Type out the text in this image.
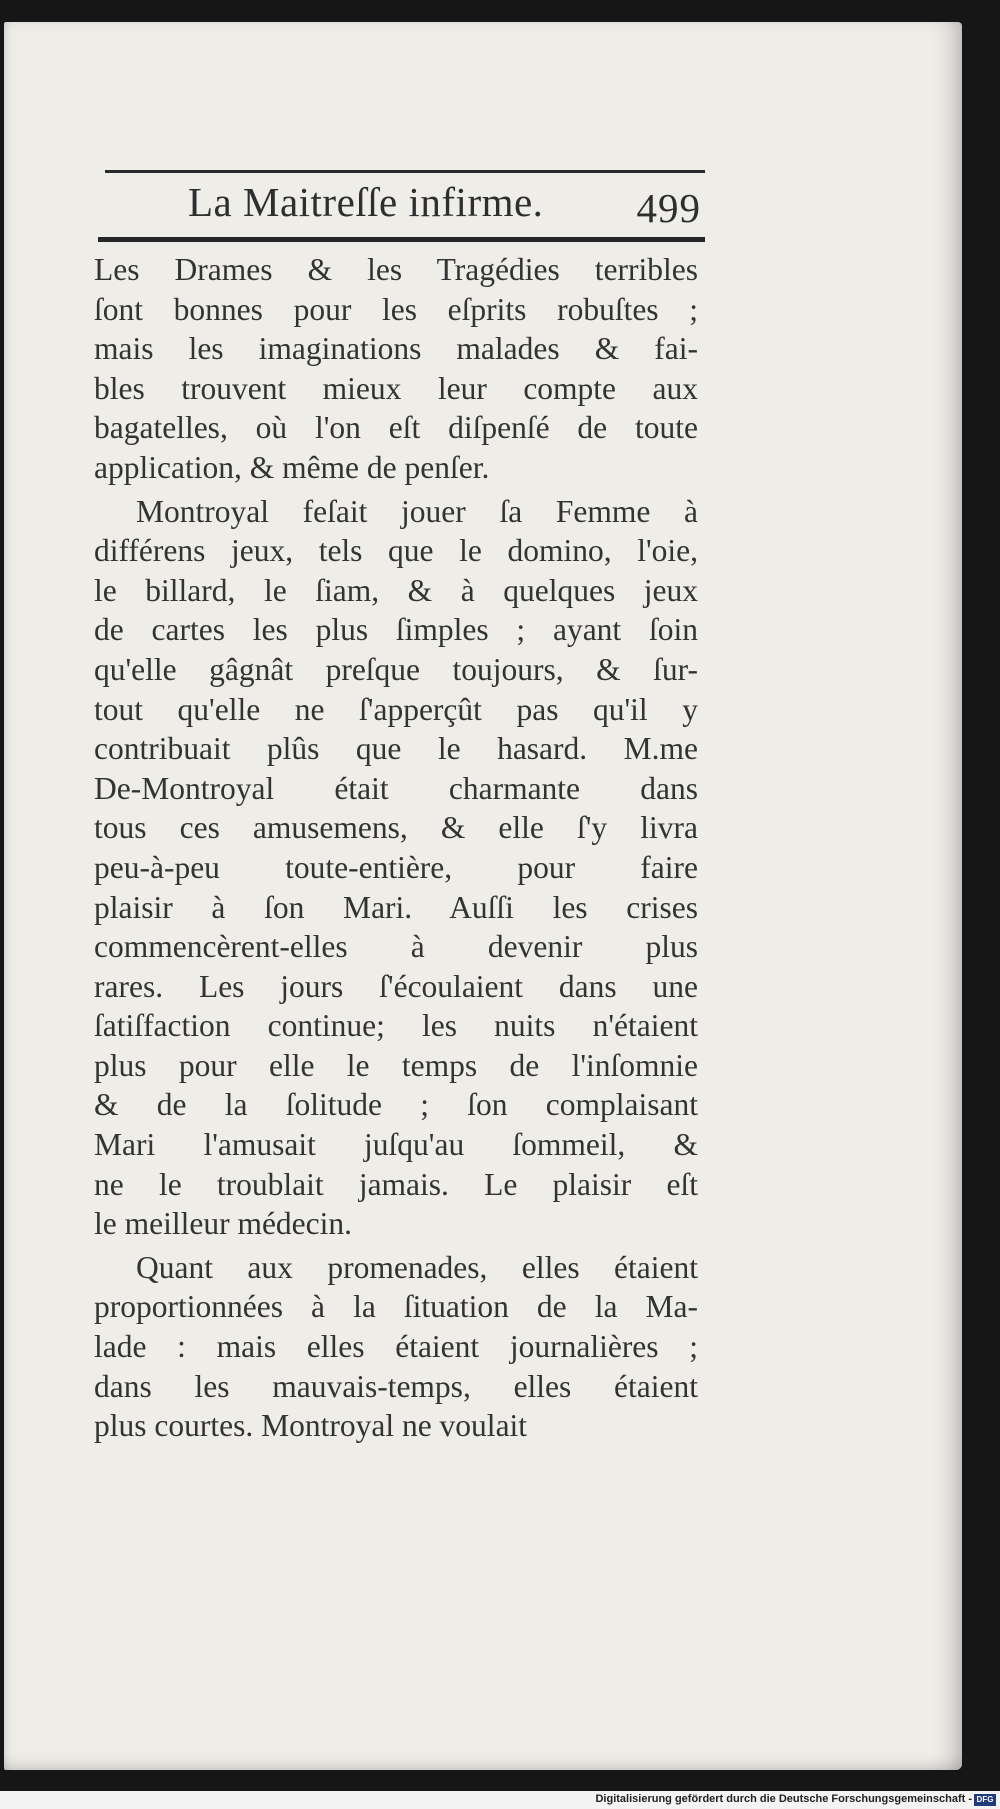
La Maitreſſe infirme. 499
Les Drames & les Tragédies terribles
ſont bonnes pour les eſprits robuſtes ;
mais les imaginations malades & fai-
bles trouvent mieux leur compte aux
bagatelles, où l'on eſt diſpenſé de toute
application, & même de penſer.
Montroyal feſait jouer ſa Femme à
différens jeux, tels que le domino, l'oie,
le billard, le ſiam, & à quelques jeux
de cartes les plus ſimples ; ayant ſoin
qu'elle gâgnât preſque toujours, & ſur-
tout qu'elle ne ſ'apperçût pas qu'il y
contribuait plûs que le hasard. M.me
De-Montroyal était charmante dans
tous ces amusemens, & elle ſ'y livra
peu-à-peu toute-entière, pour faire
plaisir à ſon Mari. Auſſi les crises
commencèrent-elles à devenir plus
rares. Les jours ſ'écoulaient dans une
ſatiſfaction continue; les nuits n'étaient
plus pour elle le temps de l'inſomnie
& de la ſolitude ; ſon complaisant
Mari l'amusait juſqu'au ſommeil, &
ne le troublait jamais. Le plaisir eſt
le meilleur médecin.
Quant aux promenades, elles étaient
proportionnées à la ſituation de la Ma-
lade : mais elles étaient journalières ;
dans les mauvais-temps, elles étaient
plus courtes. Montroyal ne voulait
Digitalisierung gefördert durch die Deutsche Forschungsgemeinschaft - DFG
